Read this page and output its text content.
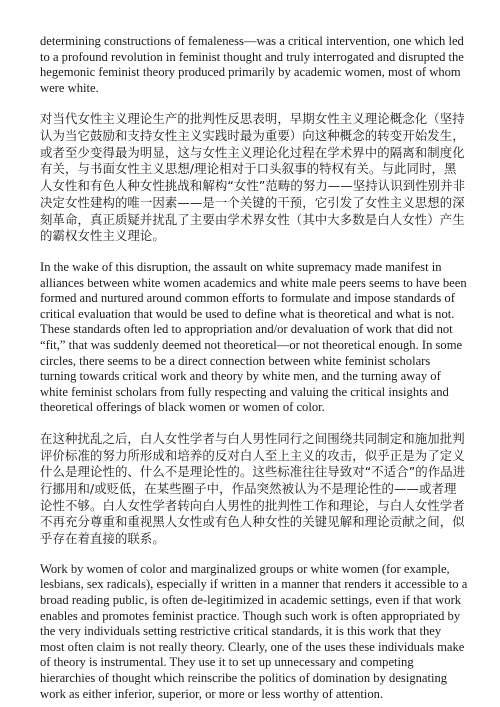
determining constructions of femaleness—was a critical intervention, one which led to a profound revolution in feminist thought and truly interrogated and disrupted the hegemonic feminist theory produced primarily by academic women, most of whom were white.

对当代女性主义理论生产的批判性反思表明，早期女性主义理论概念化（坚持认为当它鼓励和支持女性主义实践时最为重要）向这种概念的转变开始发生，或者至少变得最为明显，这与女性主义理论化过程在学术界中的隔离和制度化有关，与书面女性主义思想/理论相对于口头叙事的特权有关。与此同时，黑人女性和有色人种女性挑战和解构“女性”范畴的努力——坚持认识到性别并非决定女性建构的唯一因素——是一个关键的干预，它引发了女性主义思想的深刻革命，真正质疑并扰乱了主要由学术界女性（其中大多数是白人女性）产生的霸权女性主义理论。

In the wake of this disruption, the assault on white supremacy made manifest in alliances between white women academics and white male peers seems to have been formed and nurtured around common efforts to formulate and impose standards of critical evaluation that would be used to define what is theoretical and what is not. These standards often led to appropriation and/or devaluation of work that did not “fit,” that was suddenly deemed not theoretical—or not theoretical enough. In some circles, there seems to be a direct connection between white feminist scholars turning towards critical work and theory by white men, and the turning away of white feminist scholars from fully respecting and valuing the critical insights and theoretical offerings of black women or women of color.

在这种扰乱之后，白人女性学者与白人男性同行之间围绕共同制定和施加批判评价标准的努力所形成和培养的反对白人至上主义的攻击，似乎正是为了定义什么是理论性的、什么不是理论性的。这些标准往往导致对“不适合”的作品进行挪用和/或贬低，在某些圈子中，作品突然被认为不是理论性的——或者理论性不够。白人女性学者转向白人男性的批判性工作和理论，与白人女性学者不再充分尊重和重视黑人女性或有色人种女性的关键见解和理论贡献之间，似乎存在着直接的联系。

Work by women of color and marginalized groups or white women (for example, lesbians, sex radicals), especially if written in a manner that renders it accessible to a broad reading public, is often de-legitimized in academic settings, even if that work enables and promotes feminist practice. Though such work is often appropriated by the very individuals setting restrictive critical standards, it is this work that they most often claim is not really theory. Clearly, one of the uses these individuals make of theory is instrumental. They use it to set up unnecessary and competing hierarchies of thought which reinscribe the politics of domination by designating work as either inferior, superior, or more or less worthy of attention.
